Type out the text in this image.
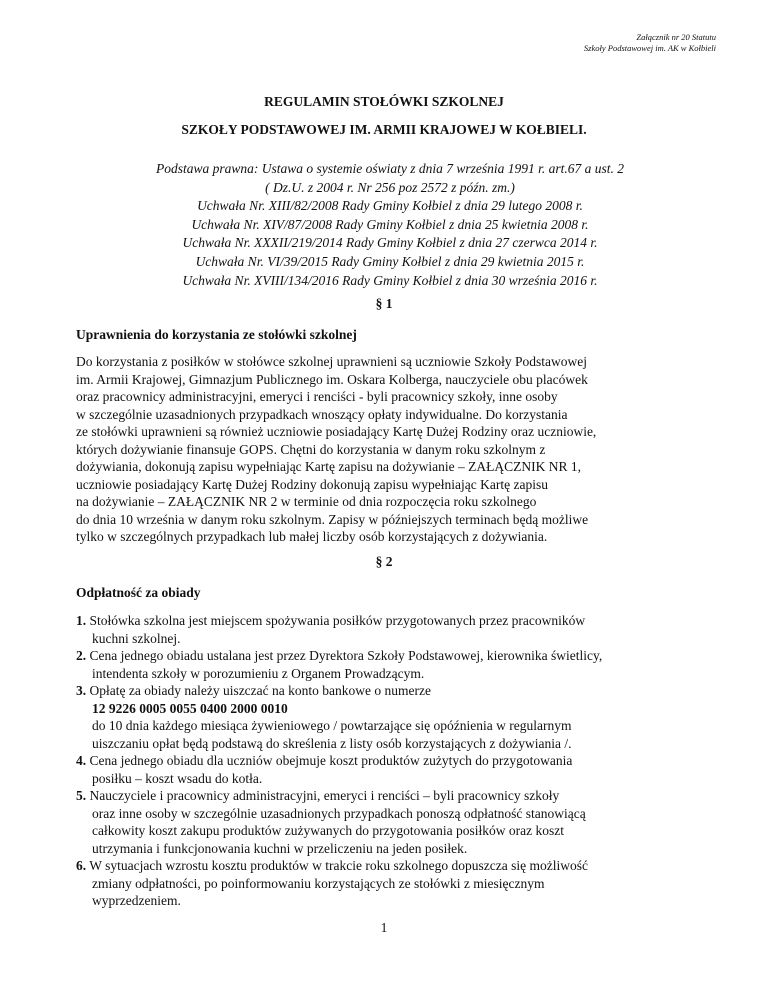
Załącznik nr 20 Statutu
Szkoły Podstawowej im. AK w Kołbieli
REGULAMIN STOŁÓWKI SZKOLNEJ
SZKOŁY PODSTAWOWEJ IM. ARMII KRAJOWEJ W KOŁBIELI.
Podstawa prawna: Ustawa o systemie oświaty z dnia 7 września 1991 r. art.67 a ust. 2
( Dz.U. z 2004 r. Nr 256 poz 2572 z późn. zm.)
Uchwała Nr. XIII/82/2008 Rady Gminy Kołbiel z dnia 29 lutego 2008 r.
Uchwała Nr. XIV/87/2008 Rady Gminy Kołbiel z dnia 25 kwietnia 2008 r.
Uchwała Nr. XXXII/219/2014 Rady Gminy Kołbiel z dnia 27 czerwca 2014 r.
Uchwała Nr. VI/39/2015 Rady Gminy Kołbiel z dnia 29 kwietnia 2015 r.
Uchwała Nr. XVIII/134/2016 Rady Gminy Kołbiel z dnia 30 września 2016 r.
§ 1
Uprawnienia do korzystania ze stołówki szkolnej
Do korzystania z posiłków w stołówce szkolnej uprawnieni są uczniowie Szkoły Podstawowej
im. Armii Krajowej, Gimnazjum Publicznego im. Oskara Kolberga, nauczyciele obu placówek
oraz pracownicy administracyjni, emeryci i renciści - byli pracownicy szkoły, inne osoby
w szczególnie uzasadnionych przypadkach wnoszący opłaty indywidualne. Do korzystania
ze stołówki uprawnieni są również uczniowie posiadający Kartę Dużej Rodziny oraz uczniowie,
których dożywianie finansuje GOPS. Chętni do korzystania w danym roku szkolnym z
dożywiania, dokonują zapisu wypełniając Kartę zapisu na dożywianie – ZAŁĄCZNIK NR 1,
uczniowie posiadający Kartę Dużej Rodziny dokonują zapisu wypełniając Kartę zapisu
na dożywianie – ZAŁĄCZNIK NR 2 w terminie od dnia rozpoczęcia roku szkolnego
do dnia 10 września w danym roku szkolnym. Zapisy w późniejszych terminach będą możliwe
tylko w szczególnych przypadkach lub małej liczby osób korzystających z dożywiania.
§ 2
Odpłatność za obiady
1. Stołówka szkolna jest miejscem spożywania posiłków przygotowanych przez pracowników
kuchni szkolnej.
2. Cena jednego obiadu ustalana jest przez Dyrektora Szkoły Podstawowej, kierownika świetlicy,
intendenta szkoły w porozumieniu z Organem Prowadzącym.
3. Opłatę za obiady należy uiszczać na konto bankowe o numerze
12 9226 0005 0055 0400 2000 0010
do 10 dnia każdego miesiąca żywieniowego / powtarzające się opóźnienia w regularnym
uiszczaniu opłat będą podstawą do skreślenia z listy osób korzystających z dożywiania /.
4. Cena jednego obiadu dla uczniów obejmuje koszt produktów zużytych do przygotowania
posiłku – koszt wsadu do kotła.
5. Nauczyciele i pracownicy administracyjni, emeryci i renciści – byli pracownicy szkoły
oraz inne osoby w szczególnie uzasadnionych przypadkach ponoszą odpłatność stanowiącą
całkowity koszt zakupu produktów zużywanych do przygotowania posiłków oraz koszt
utrzymania i funkcjonowania kuchni w przeliczeniu na jeden posiłek.
6. W sytuacjach wzrostu kosztu produktów w trakcie roku szkolnego dopuszcza się możliwość
zmiany odpłatności, po poinformowaniu korzystających ze stołówki z miesięcznym
wyprzedzeniem.
1
